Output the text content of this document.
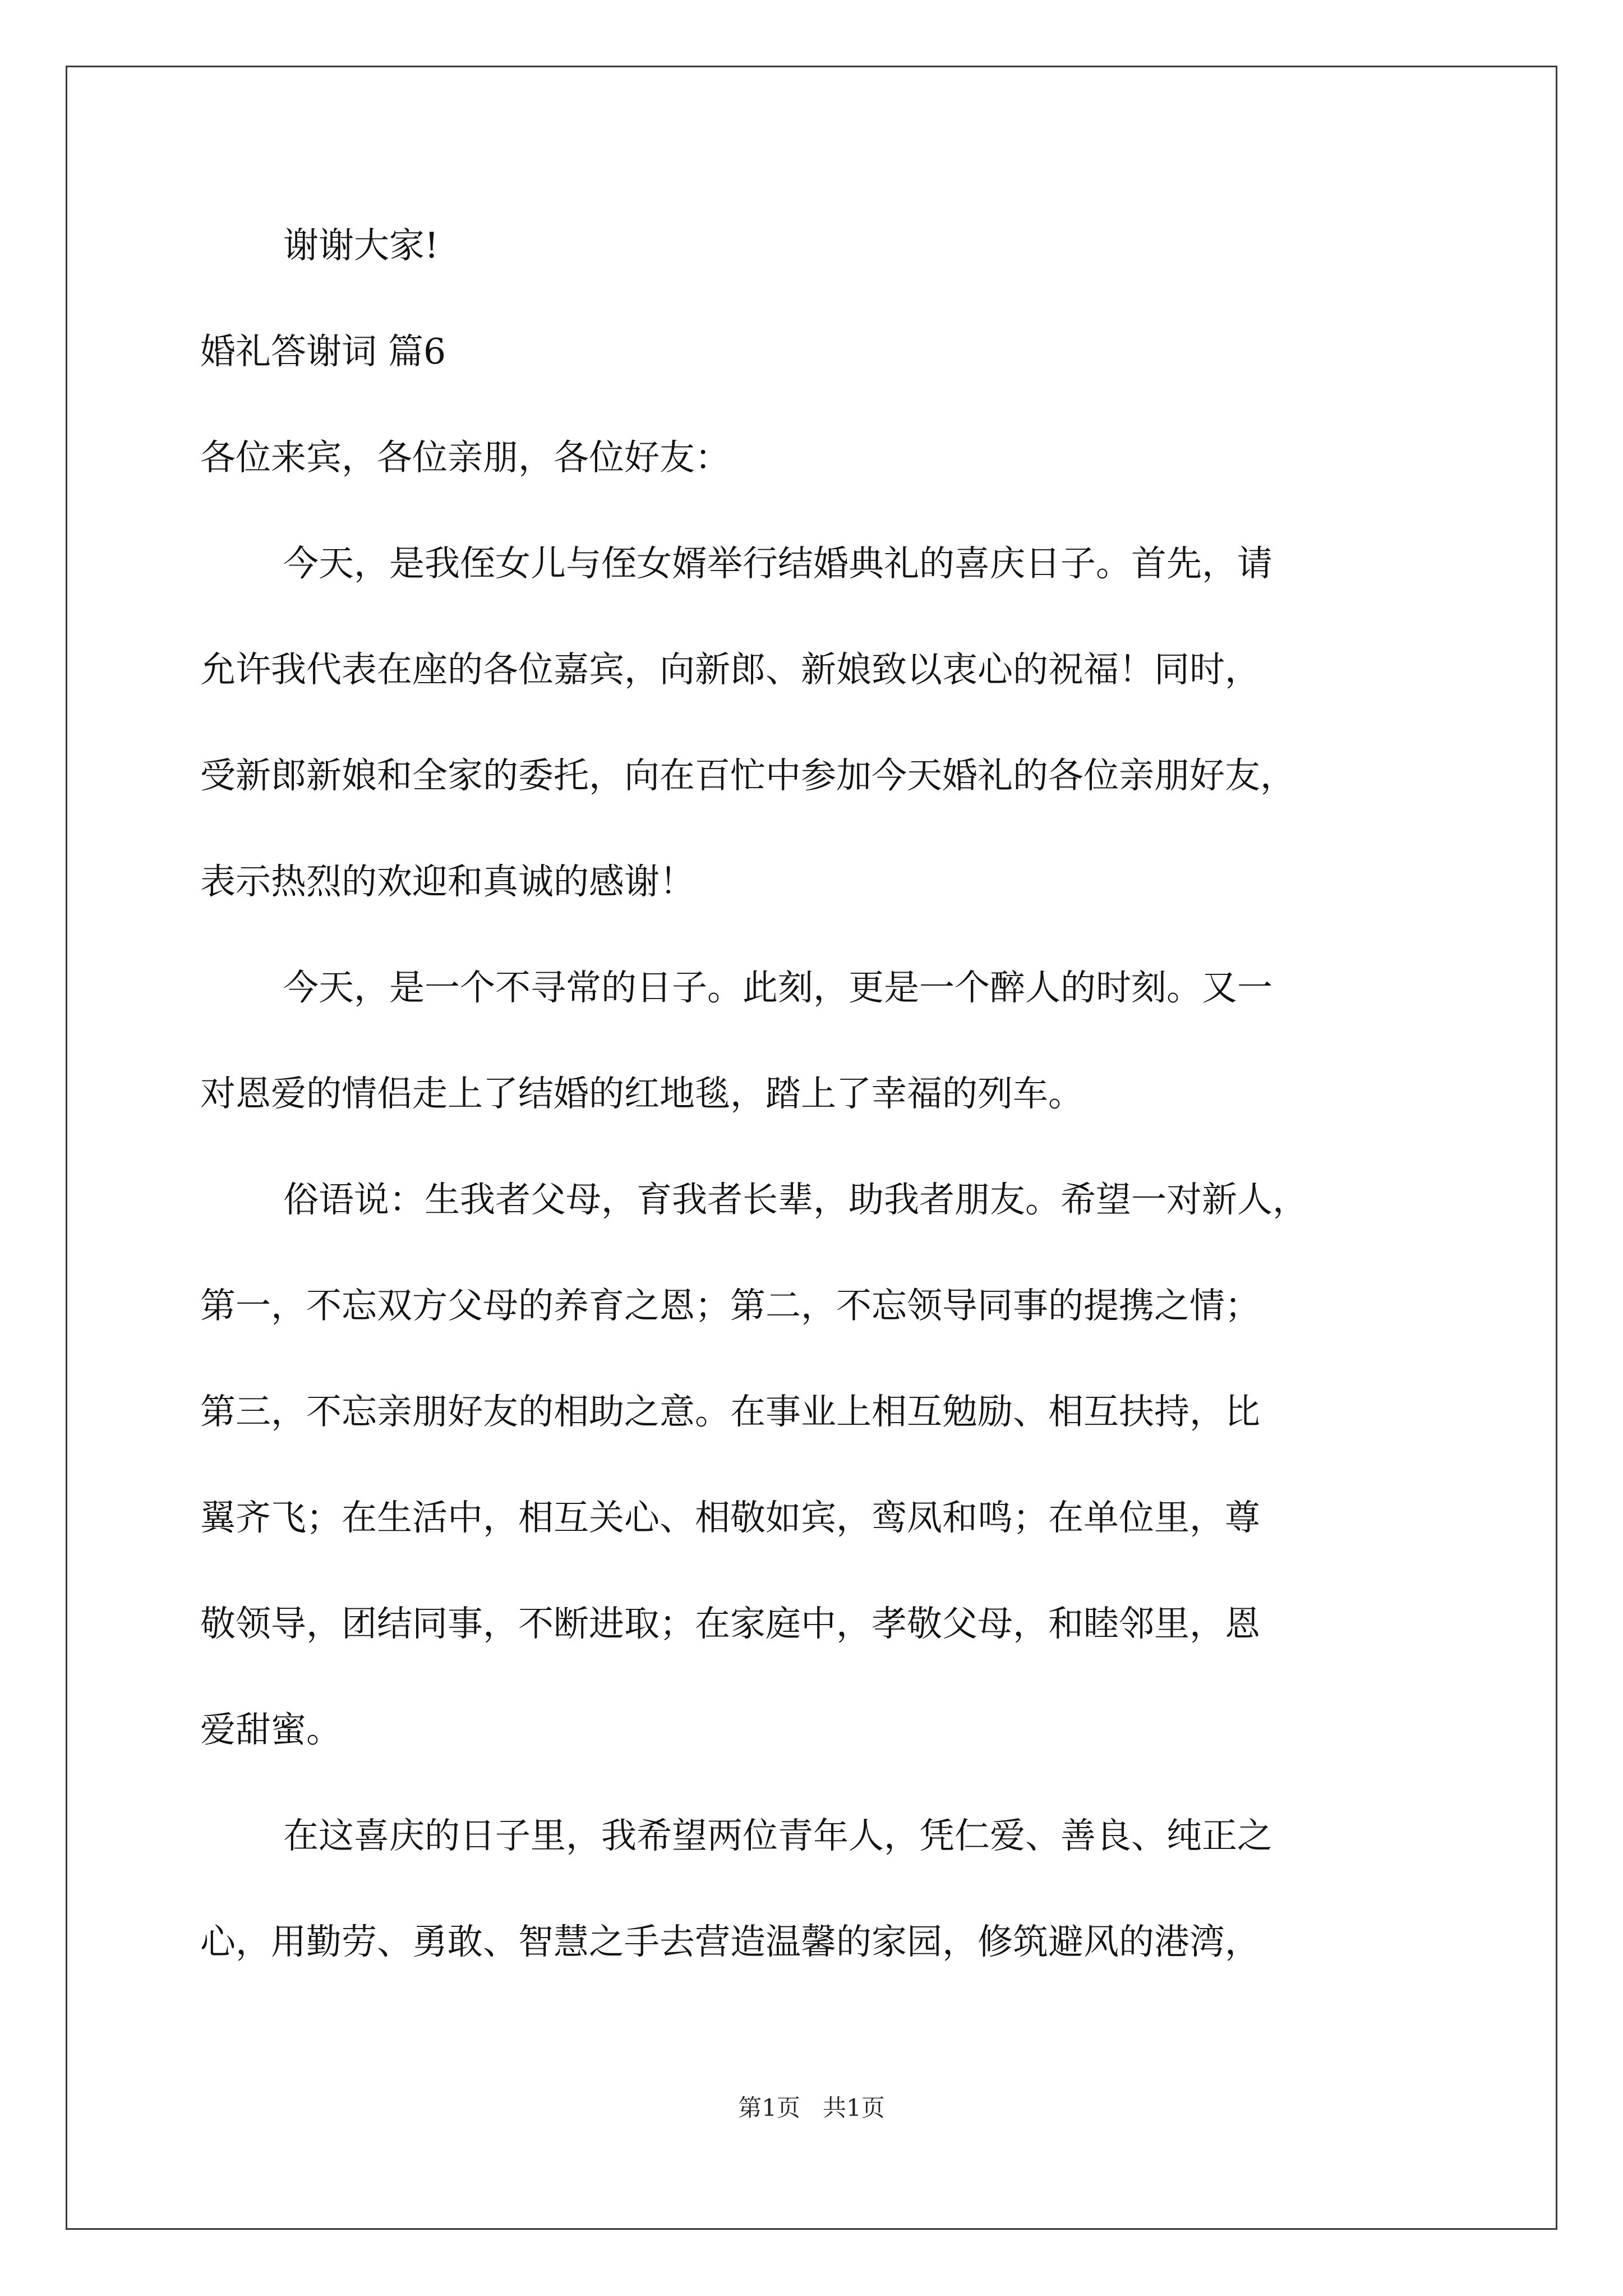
谢谢大家!

婚礼答谢词 篇6

各位来宾，各位亲朋，各位好友：

今天，是我侄女儿与侄女婿举行结婚典礼的喜庆日子。首先，请

允许我代表在座的各位嘉宾，向新郎、新娘致以衷心的祝福！同时，

受新郎新娘和全家的委托，向在百忙中参加今天婚礼的各位亲朋好友，

表示热烈的欢迎和真诚的感谢！

今天，是一个不寻常的日子。此刻，更是一个醉人的时刻。又一

对恩爱的情侣走上了结婚的红地毯，踏上了幸福的列车。

俗语说：生我者父母，育我者长辈，助我者朋友。希望一对新人，

第一，不忘双方父母的养育之恩；第二，不忘领导同事的提携之情；

第三，不忘亲朋好友的相助之意。在事业上相互勉励、相互扶持，比

翼齐飞；在生活中，相互关心、相敬如宾，鸾凤和鸣；在单位里，尊

敬领导，团结同事，不断进取；在家庭中，孝敬父母，和睦邻里，恩

爱甜蜜。

在这喜庆的日子里，我希望两位青年人，凭仁爱、善良、纯正之

心，用勤劳、勇敢、智慧之手去营造温馨的家园，修筑避风的港湾，

第1页 共1页
